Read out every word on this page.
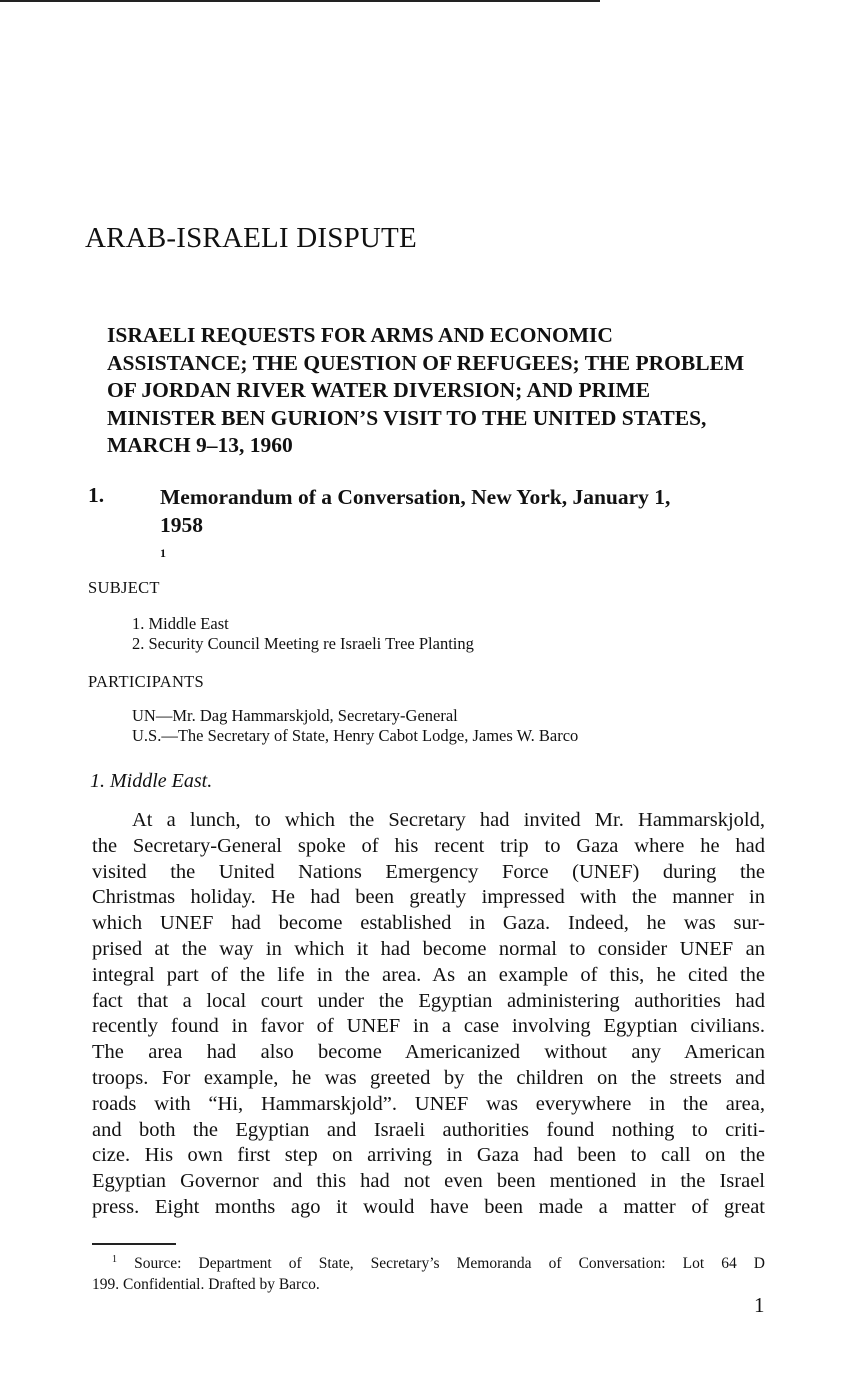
ARAB-ISRAELI DISPUTE
ISRAELI REQUESTS FOR ARMS AND ECONOMIC
ASSISTANCE; THE QUESTION OF REFUGEES; THE PROBLEM
OF JORDAN RIVER WATER DIVERSION; AND PRIME
MINISTER BEN GURION’S VISIT TO THE UNITED STATES,
MARCH 9–13, 1960
1.	Memorandum of a Conversation, New York, January 1,
1958
$^1$
SUBJECT
1. Middle East
2. Security Council Meeting re Israeli Tree Planting
PARTICIPANTS
UN—Mr. Dag Hammarskjold, Secretary-General
U.S.—The Secretary of State, Henry Cabot Lodge, James W. Barco
1. Middle East.
At a lunch, to which the Secretary had invited Mr. Hammarskjold,
the Secretary-General spoke of his recent trip to Gaza where he had
visited the United Nations Emergency Force (UNEF) during the
Christmas holiday. He had been greatly impressed with the manner in
which UNEF had become established in Gaza. Indeed, he was sur-
prised at the way in which it had become normal to consider UNEF an
integral part of the life in the area. As an example of this, he cited the
fact that a local court under the Egyptian administering authorities had
recently found in favor of UNEF in a case involving Egyptian civilians.
The area had also become Americanized without any American
troops. For example, he was greeted by the children on the streets and
roads with “Hi, Hammarskjold”. UNEF was everywhere in the area,
and both the Egyptian and Israeli authorities found nothing to criti-
cize. His own first step on arriving in Gaza had been to call on the
Egyptian Governor and this had not even been mentioned in the Israel
press. Eight months ago it would have been made a matter of great
$^1$ Source: Department of State, Secretary’s Memoranda of Conversation: Lot 64 D
199. Confidential. Drafted by Barco.
1
